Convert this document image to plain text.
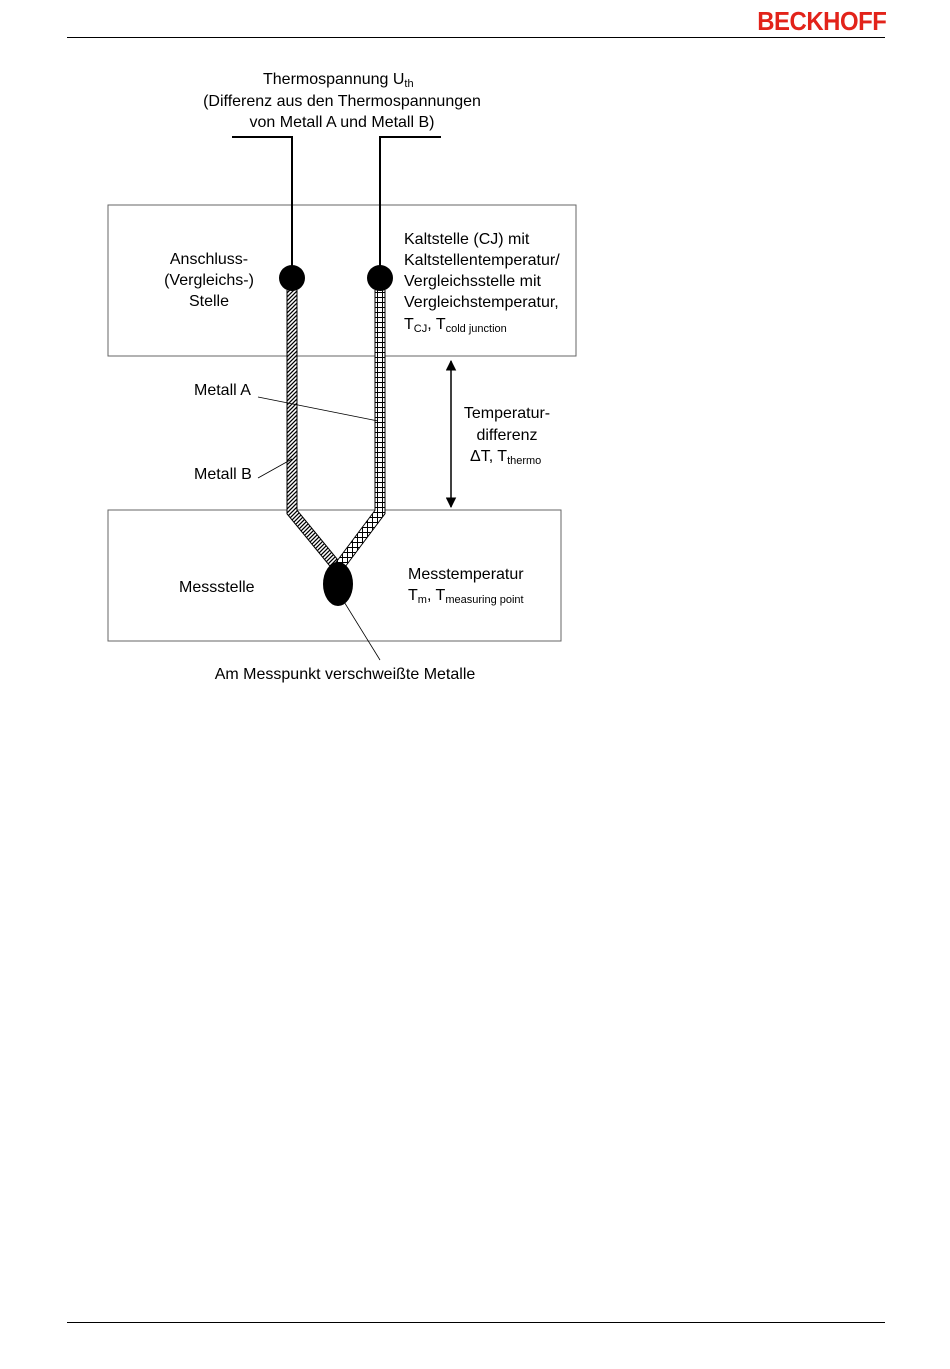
BECKHOFF
Thermospannung Uth
(Differenz aus den Thermospannungen
von Metall A und Metall B)
Anschluss-
(Vergleichs-)
Stelle
Kaltstelle (CJ) mit
Kaltstellentemperatur/
Vergleichsstelle mit
Vergleichstemperatur,
TCJ, Tcold junction
Metall A
Metall B
Temperatur-
differenz
ΔT, Tthermo
Messstelle
Messtemperatur
Tm, Tmeasuring point
Am Messpunkt verschweißte Metalle
